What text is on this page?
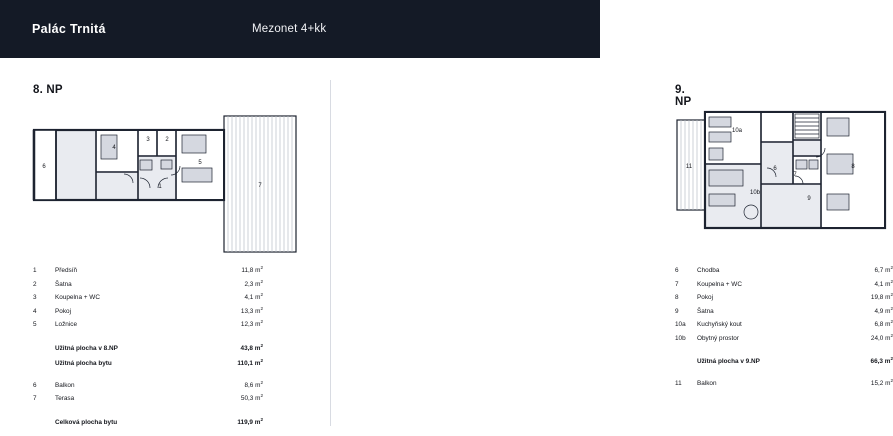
Palác Trnitá	Mezonet 4+kk
8. NP
1
2
3
4
5
6
7
1	Předsíň	11,8 $m^2$
2	Šatna	2,3 $m^2$
3	Koupelna + WC	4,1 $m^2$
4	Pokoj	13,3 $m^2$
5	Ložnice	12,3 $m^2$
Užitná plocha v 8.NP	43,8 $m^2$
Užitná plocha bytu	110,1 $m^2$
6	Balkon	8,6 $m^2$
7	Terasa	50,3 $m^2$
Celková plocha bytu	119,9 $m^2$
9. NP
6
7
8
9
10a
10b
11
6	Chodba	6,7 $m^2$
7	Koupelna + WC	4,1 $m^2$
8	Pokoj	19,8 $m^2$
9	Šatna	4,9 $m^2$
10a	Kuchyňský kout	6,8 $m^2$
10b	Obytný prostor	24,0 $m^2$
Užitná plocha v 9.NP	66,3 $m^2$
11	Balkon	15,2 $m^2$
